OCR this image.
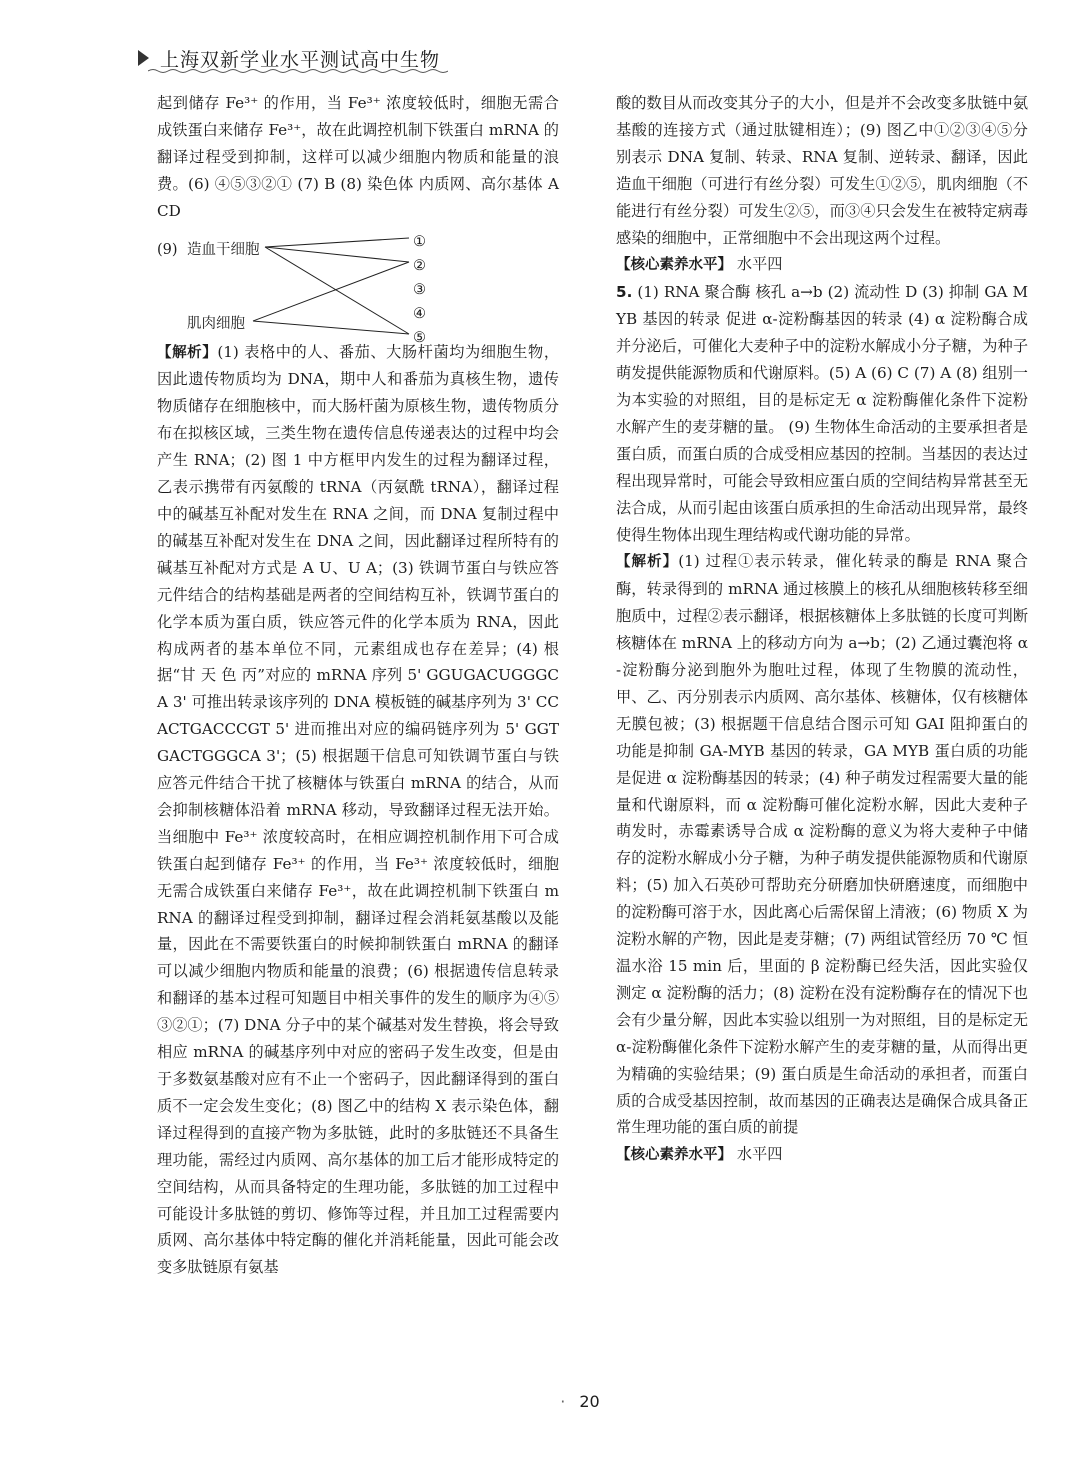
上海双新学业水平测试高中生物

起到储存 Fe³⁺ 的作用，当 Fe³⁺ 浓度较低时，细胞无需合成铁蛋白来储存 Fe³⁺，故在此调控机制下铁蛋白 mRNA 的翻译过程受到抑制，这样可以减少细胞内物质和能量的浪费。(6) ④⑤③②① (7) B (8) 染色体 内质网、高尔基体 ACD

(9) 造血干细胞
肌肉细胞
①
②
③
④
⑤

【解析】(1) 表格中的人、番茄、大肠杆菌均为细胞生物，因此遗传物质均为 DNA，期中人和番茄为真核生物，遗传物质储存在细胞核中，而大肠杆菌为原核生物，遗传物质分布在拟核区域，三类生物在遗传信息传递表达的过程中均会产生 RNA；(2) 图 1 中方框甲内发生的过程为翻译过程，乙表示携带有丙氨酸的 tRNA（丙氨酰 tRNA），翻译过程中的碱基互补配对发生在 RNA 之间，而 DNA 复制过程中的碱基互补配对发生在 DNA 之间，因此翻译过程所特有的碱基互补配对方式是 A U、U A；(3) 铁调节蛋白与铁应答元件结合的结构基础是两者的空间结构互补，铁调节蛋白的化学本质为蛋白质，铁应答元件的化学本质为 RNA，因此构成两者的基本单位不同，元素组成也存在差异；(4) 根据“甘 天 色 丙”对应的 mRNA 序列 5' GGUGACUGGGCA 3' 可推出转录该序列的 DNA 模板链的碱基序列为 3' CCACTGACCCGT 5' 进而推出对应的编码链序列为 5' GGTGACTGGGCA 3'；(5) 根据题干信息可知铁调节蛋白与铁应答元件结合干扰了核糖体与铁蛋白 mRNA 的结合，从而会抑制核糖体沿着 mRNA 移动，导致翻译过程无法开始。当细胞中 Fe³⁺ 浓度较高时，在相应调控机制作用下可合成铁蛋白起到储存 Fe³⁺ 的作用，当 Fe³⁺ 浓度较低时，细胞无需合成铁蛋白来储存 Fe³⁺，故在此调控机制下铁蛋白 mRNA 的翻译过程受到抑制，翻译过程会消耗氨基酸以及能量，因此在不需要铁蛋白的时候抑制铁蛋白 mRNA 的翻译可以减少细胞内物质和能量的浪费；(6) 根据遗传信息转录和翻译的基本过程可知题目中相关事件的发生的顺序为④⑤③②①；(7) DNA 分子中的某个碱基对发生替换，将会导致相应 mRNA 的碱基序列中对应的密码子发生改变，但是由于多数氨基酸对应有不止一个密码子，因此翻译得到的蛋白质不一定会发生变化；(8) 图乙中的结构 X 表示染色体，翻译过程得到的直接产物为多肽链，此时的多肽链还不具备生理功能，需经过内质网、高尔基体的加工后才能形成特定的空间结构，从而具备特定的生理功能，多肽链的加工过程中可能设计多肽链的剪切、修饰等过程，并且加工过程需要内质网、高尔基体中特定酶的催化并消耗能量，因此可能会改变多肽链原有氨基

酸的数目从而改变其分子的大小，但是并不会改变多肽链中氨基酸的连接方式（通过肽键相连）；(9) 图乙中①②③④⑤分别表示 DNA 复制、转录、RNA 复制、逆转录、翻译，因此造血干细胞（可进行有丝分裂）可发生①②⑤，肌肉细胞（不能进行有丝分裂）可发生②⑤，而③④只会发生在被特定病毒感染的细胞中，正常细胞中不会出现这两个过程。

【核心素养水平】 水平四

5. (1) RNA 聚合酶 核孔 a→b (2) 流动性 D (3) 抑制 GA MYB 基因的转录 促进 α-淀粉酶基因的转录 (4) α 淀粉酶合成并分泌后，可催化大麦种子中的淀粉水解成小分子糖，为种子萌发提供能源物质和代谢原料。(5) A (6) C (7) A (8) 组别一为本实验的对照组，目的是标定无 α 淀粉酶催化条件下淀粉水解产生的麦芽糖的量。 (9) 生物体生命活动的主要承担者是蛋白质，而蛋白质的合成受相应基因的控制。当基因的表达过程出现异常时，可能会导致相应蛋白质的空间结构异常甚至无法合成，从而引起由该蛋白质承担的生命活动出现异常，最终使得生物体出现生理结构或代谢功能的异常。

【解析】(1) 过程①表示转录，催化转录的酶是 RNA 聚合酶，转录得到的 mRNA 通过核膜上的核孔从细胞核转移至细胞质中，过程②表示翻译，根据核糖体上多肽链的长度可判断核糖体在 mRNA 上的移动方向为 a→b；(2) 乙通过囊泡将 α-淀粉酶分泌到胞外为胞吐过程，体现了生物膜的流动性，甲、乙、丙分别表示内质网、高尔基体、核糖体，仅有核糖体无膜包被；(3) 根据题干信息结合图示可知 GAI 阻抑蛋白的功能是抑制 GA-MYB 基因的转录，GA MYB 蛋白质的功能是促进 α 淀粉酶基因的转录；(4) 种子萌发过程需要大量的能量和代谢原料，而 α 淀粉酶可催化淀粉水解，因此大麦种子萌发时，赤霉素诱导合成 α 淀粉酶的意义为将大麦种子中储存的淀粉水解成小分子糖，为种子萌发提供能源物质和代谢原料；(5) 加入石英砂可帮助充分研磨加快研磨速度，而细胞中的淀粉酶可溶于水，因此离心后需保留上清液；(6) 物质 X 为淀粉水解的产物，因此是麦芽糖；(7) 两组试管经历 70 ℃ 恒温水浴 15 min 后，里面的 β 淀粉酶已经失活，因此实验仅测定 α 淀粉酶的活力；(8) 淀粉在没有淀粉酶存在的情况下也会有少量分解，因此本实验以组别一为对照组，目的是标定无 α-淀粉酶催化条件下淀粉水解产生的麦芽糖的量，从而得出更为精确的实验结果；(9) 蛋白质是生命活动的承担者，而蛋白质的合成受基因控制，故而基因的正确表达是确保合成具备正常生理功能的蛋白质的前提

【核心素养水平】 水平四

· 20
